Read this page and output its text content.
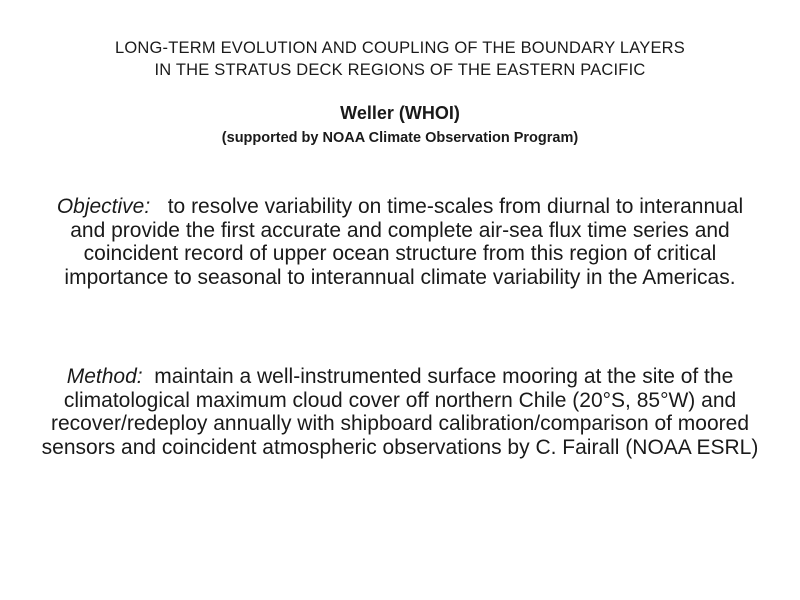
LONG-TERM EVOLUTION AND COUPLING OF THE BOUNDARY LAYERS
IN THE STRATUS DECK REGIONS OF THE EASTERN PACIFIC
Weller (WHOI)
(supported by NOAA Climate Observation Program)
Objective: to resolve variability on time-scales from diurnal to interannual and provide the first accurate and complete air-sea flux time series and coincident record of upper ocean structure from this region of critical importance to seasonal to interannual climate variability in the Americas.
Method: maintain a well-instrumented surface mooring at the site of the climatological maximum cloud cover off northern Chile (20°S, 85°W) and recover/redeploy annually with shipboard calibration/comparison of moored sensors and coincident atmospheric observations by C. Fairall (NOAA ESRL)
